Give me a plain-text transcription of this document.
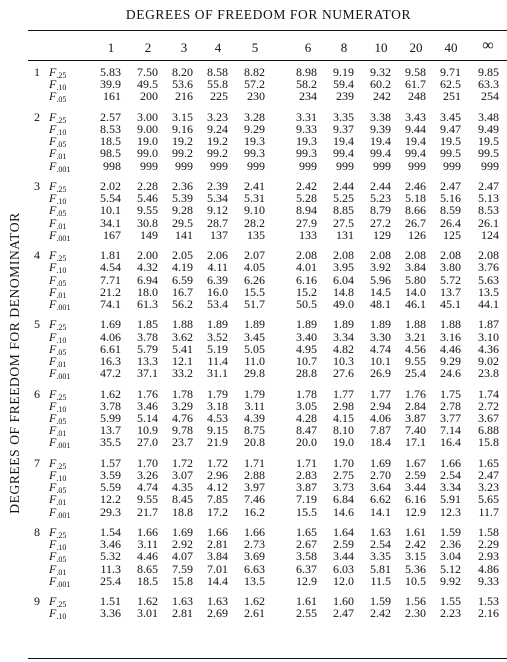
DEGREES OF FREEDOM FOR DENOMINATOR
DEGREES OF FREEDOM FOR NUMERATOR
1	2	3	4	5	6	8	10	20	40	∞
1 $F_{.25}$	5.83 7.50 8.20 8.58 8.82	8.98 9.19 9.32 9.58 9.71 9.85
$F_{.10}$	39.9 49.5 53.6 55.8 57.2	58.2 59.4 60.2 61.7 62.5 63.3
$F_{.05}$	161 200 216 225 230	234 239 242 248 251 254
2 $F_{.25}$	2.57 3.00 3.15 3.23 3.28	3.31 3.35 3.38 3.43 3.45 3.48
$F_{.10}$	8.53 9.00 9.16 9.24 9.29	9.33 9.37 9.39 9.44 9.47 9.49
$F_{.05}$	18.5 19.0 19.2 19.2 19.3	19.3 19.4 19.4 19.4 19.5 19.5
$F_{.01}$	98.5 99.0 99.2 99.2 99.3	99.3 99.4 99.4 99.4 99.5 99.5
$F_{.001}$	998 999 999 999 999	999 999 999 999 999 999
3 $F_{.25}$	2.02 2.28 2.36 2.39 2.41	2.42 2.44 2.44 2.46 2.47 2.47
$F_{.10}$	5.54 5.46 5.39 5.34 5.31	5.28 5.25 5.23 5.18 5.16 5.13
$F_{.05}$	10.1 9.55 9.28 9.12 9.10	8.94 8.85 8.79 8.66 8.59 8.53
$F_{.01}$	34.1 30.8 29.5 28.7 28.2	27.9 27.5 27.2 26.7 26.4 26.1
$F_{.001}$	167 149 141 137 135	133 131 129 126 125 124
4 $F_{.25}$	1.81 2.00 2.05 2.06 2.07	2.08 2.08 2.08 2.08 2.08 2.08
$F_{.10}$	4.54 4.32 4.19 4.11 4.05	4.01 3.95 3.92 3.84 3.80 3.76
$F_{.05}$	7.71 6.94 6.59 6.39 6.26	6.16 6.04 5.96 5.80 5.72 5.63
$F_{.01}$	21.2 18.0 16.7 16.0 15.5	15.2 14.8 14.5 14.0 13.7 13.5
$F_{.001}$ 74.1 61.3 56.2 53.4 51.7	50.5 49.0 48.1 46.1 45.1 44.1
5 $F_{.25}$	1.69 1.85 1.88 1.89 1.89	1.89 1.89 1.89 1.88 1.88 1.87
$F_{.10}$	4.06 3.78 3.62 3.52 3.45	3.40 3.34 3.30 3.21 3.16 3.10
$F_{.05}$	6.61 5.79 5.41 5.19 5.05	4.95 4.82 4.74 4.56 4.46 4.36
$F_{.01}$	16.3 13.3 12.1 11.4 11.0	10.7 10.3 10.1 9.55 9.29 9.02
$F_{.001}$ 47.2 37.1 33.2 31.1 29.8	28.8 27.6 26.9 25.4 24.6 23.8
6 $F_{.25}$	1.62 1.76 1.78 1.79 1.79	1.78 1.77 1.77 1.76 1.75 1.74
$F_{.10}$	3.78 3.46 3.29 3.18 3.11	3.05 2.98 2.94 2.84 2.78 2.72
$F_{.05}$	5.99 5.14 4.76 4.53 4.39	4.28 4.15 4.06 3.87 3.77 3.67
$F_{.01}$	13.7 10.9 9.78 9.15 8.75	8.47 8.10 7.87 7.40 7.14 6.88
$F_{.001}$ 35.5 27.0 23.7 21.9 20.8	20.0 19.0 18.4 17.1 16.4 15.8
7 $F_{.25}$	1.57 1.70 1.72 1.72 1.71	1.71 1.70 1.69 1.67 1.66 1.65
$F_{.10}$	3.59 3.26 3.07 2.96 2.88	2.83 2.75 2.70 2.59 2.54 2.47
$F_{.05}$	5.59 4.74 4.35 4.12 3.97	3.87 3.73 3.64 3.44 3.34 3.23
$F_{.01}$	12.2 9.55 8.45 7.85 7.46	7.19 6.84 6.62 6.16 5.91 5.65
$F_{.001}$ 29.3 21.7 18.8 17.2 16.2	15.5 14.6 14.1 12.9 12.3 11.7
8 $F_{.25}$	1.54 1.66 1.69 1.66 1.66	1.65 1.64 1.63 1.61 1.59 1.58
$F_{.10}$	3.46 3.11 2.92 2.81 2.73	2.67 2.59 2.54 2.42 2.36 2.29
$F_{.05}$	5.32 4.46 4.07 3.84 3.69	3.58 3.44 3.35 3.15 3.04 2.93
$F_{.01}$	11.3 8.65 7.59 7.01 6.63	6.37 6.03 5.81 5.36 5.12 4.86
$F_{.001}$ 25.4 18.5 15.8 14.4 13.5	12.9 12.0 11.5 10.5 9.92 9.33
9 $F_{.25}$	1.51 1.62 1.63 1.63 1.62	1.61 1.60 1.59 1.56 1.55 1.53
$F_{.10}$	3.36 3.01 2.81 2.69 2.61	2.55 2.47 2.42 2.30 2.23 2.16
